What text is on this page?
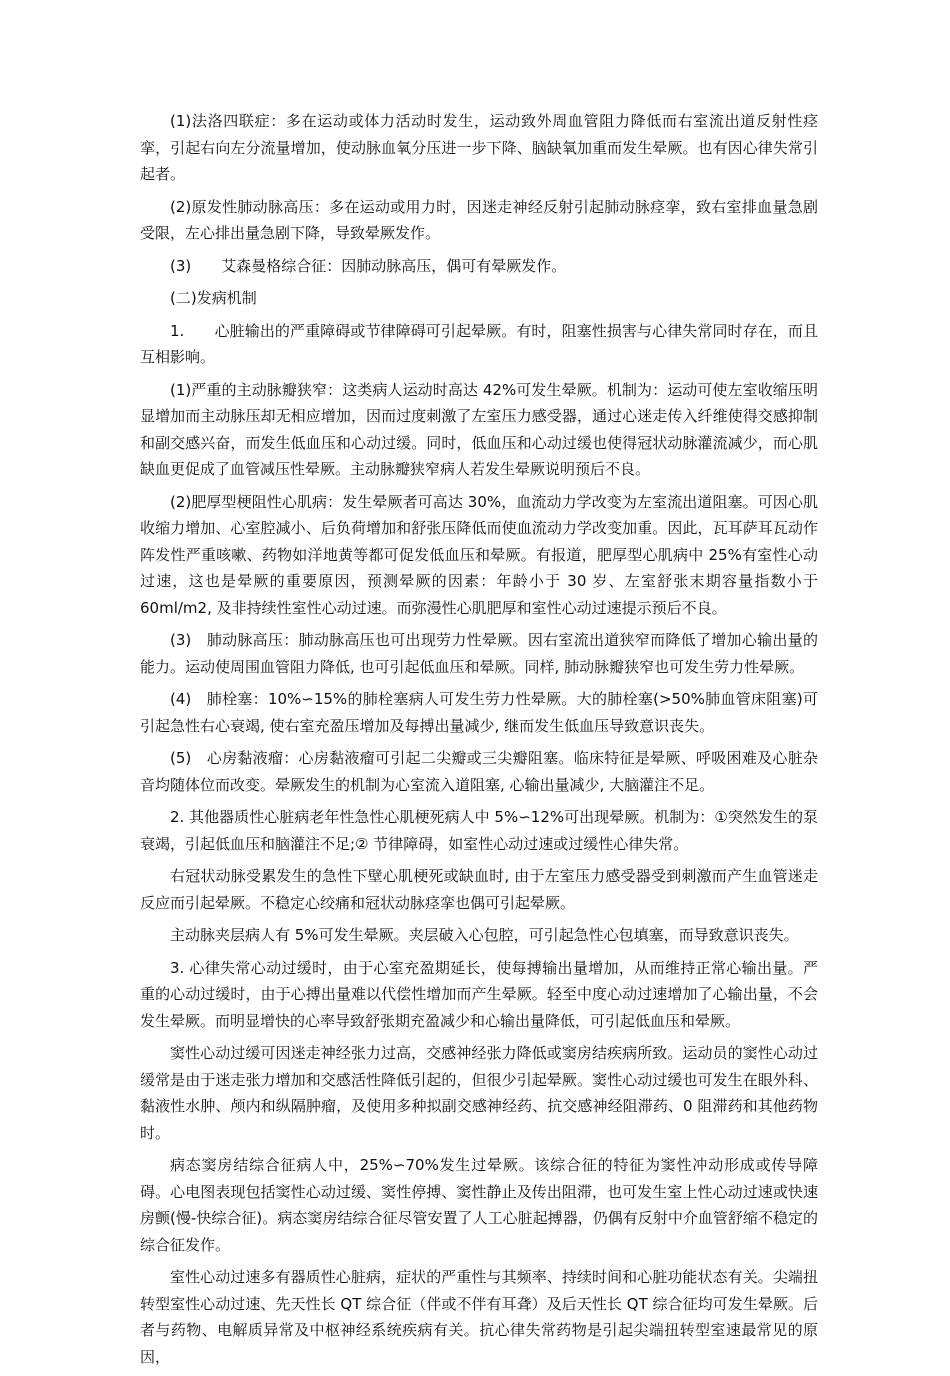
(1)法洛四联症：多在运动或体力活动时发生，运动致外周血管阻力降低而右室流出道反射性痉挛，引起右向左分流量增加，使动脉血氧分压进一步下降、脑缺氧加重而发生晕厥。也有因心律失常引起者。

(2)原发性肺动脉高压：多在运动或用力时，因迷走神经反射引起肺动脉痉挛，致右室排血量急剧受限，左心排出量急剧下降，导致晕厥发作。

(3)　　艾森曼格综合征：因肺动脉高压，偶可有晕厥发作。

(二)发病机制

1.　　心脏输出的严重障碍或节律障碍可引起晕厥。有时，阻塞性损害与心律失常同时存在，而且互相影响。

(1)严重的主动脉瓣狭窄：这类病人运动时高达 42%可发生晕厥。机制为：运动可使左室收缩压明显增加而主动脉压却无相应增加，因而过度刺激了左室压力感受器，通过心迷走传入纤维使得交感抑制和副交感兴奋，而发生低血压和心动过缓。同时，低血压和心动过缓也使得冠状动脉灌流减少，而心肌缺血更促成了血管减压性晕厥。主动脉瓣狭窄病人若发生晕厥说明预后不良。

(2)肥厚型梗阻性心肌病：发生晕厥者可高达 30%，血流动力学改变为左室流出道阻塞。可因心肌收缩力增加、心室腔减小、后负荷增加和舒张压降低而使血流动力学改变加重。因此，瓦耳萨耳瓦动作阵发性严重咳嗽、药物如洋地黄等都可促发低血压和晕厥。有报道，肥厚型心肌病中 25%有室性心动过速，这也是晕厥的重要原因，预测晕厥的因素：年龄小于 30 岁、左室舒张末期容量指数小于 60ml/m2, 及非持续性室性心动过速。而弥漫性心肌肥厚和室性心动过速提示预后不良。

(3)　肺动脉高压：肺动脉高压也可出现劳力性晕厥。因右室流出道狭窄而降低了增加心输出量的能力。运动使周围血管阻力降低, 也可引起低血压和晕厥。同样, 肺动脉瓣狭窄也可发生劳力性晕厥。

(4)　肺栓塞：10%∽15%的肺栓塞病人可发生劳力性晕厥。大的肺栓塞(>50%肺血管床阻塞)可引起急性右心衰竭, 使右室充盈压增加及每搏出量减少, 继而发生低血压导致意识丧失。

(5)　心房黏液瘤：心房黏液瘤可引起二尖瓣或三尖瓣阻塞。临床特征是晕厥、呼吸困难及心脏杂音均随体位而改变。晕厥发生的机制为心室流入道阻塞, 心输出量减少, 大脑灌注不足。

2. 其他器质性心脏病老年性急性心肌梗死病人中 5%∽12%可出现晕厥。机制为：①突然发生的泵衰竭，引起低血压和脑灌注不足;② 节律障碍，如室性心动过速或过缓性心律失常。

右冠状动脉受累发生的急性下壁心肌梗死或缺血时, 由于左室压力感受器受到刺激而产生血管迷走反应而引起晕厥。不稳定心绞痛和冠状动脉痉挛也偶可引起晕厥。

主动脉夹层病人有 5%可发生晕厥。夹层破入心包腔，可引起急性心包填塞，而导致意识丧失。

3. 心律失常心动过缓时，由于心室充盈期延长，使每搏输出量增加，从而维持正常心输出量。严重的心动过缓时，由于心搏出量难以代偿性增加而产生晕厥。轻至中度心动过速增加了心输出量，不会发生晕厥。而明显增快的心率导致舒张期充盈减少和心输出量降低，可引起低血压和晕厥。

窦性心动过缓可因迷走神经张力过高，交感神经张力降低或窦房结疾病所致。运动员的窦性心动过缓常是由于迷走张力增加和交感活性降低引起的，但很少引起晕厥。窦性心动过缓也可发生在眼外科、黏液性水肿、颅内和纵隔肿瘤，及使用多种拟副交感神经药、抗交感神经阻滞药、0 阻滞药和其他药物时。

病态窦房结综合征病人中，25%∽70%发生过晕厥。该综合征的特征为窦性冲动形成或传导障碍。心电图表现包括窦性心动过缓、窦性停搏、窦性静止及传出阻滞，也可发生室上性心动过速或快速房颤(慢-快综合征)。病态窦房结综合征尽管安置了人工心脏起搏器，仍偶有反射中介血管舒缩不稳定的综合征发作。

室性心动过速多有器质性心脏病，症状的严重性与其频率、持续时间和心脏功能状态有关。尖端扭转型室性心动过速、先天性长 QT 综合征（伴或不伴有耳聋）及后天性长 QT 综合征均可发生晕厥。后者与药物、电解质异常及中枢神经系统疾病有关。抗心律失常药物是引起尖端扭转型室速最常见的原因，
